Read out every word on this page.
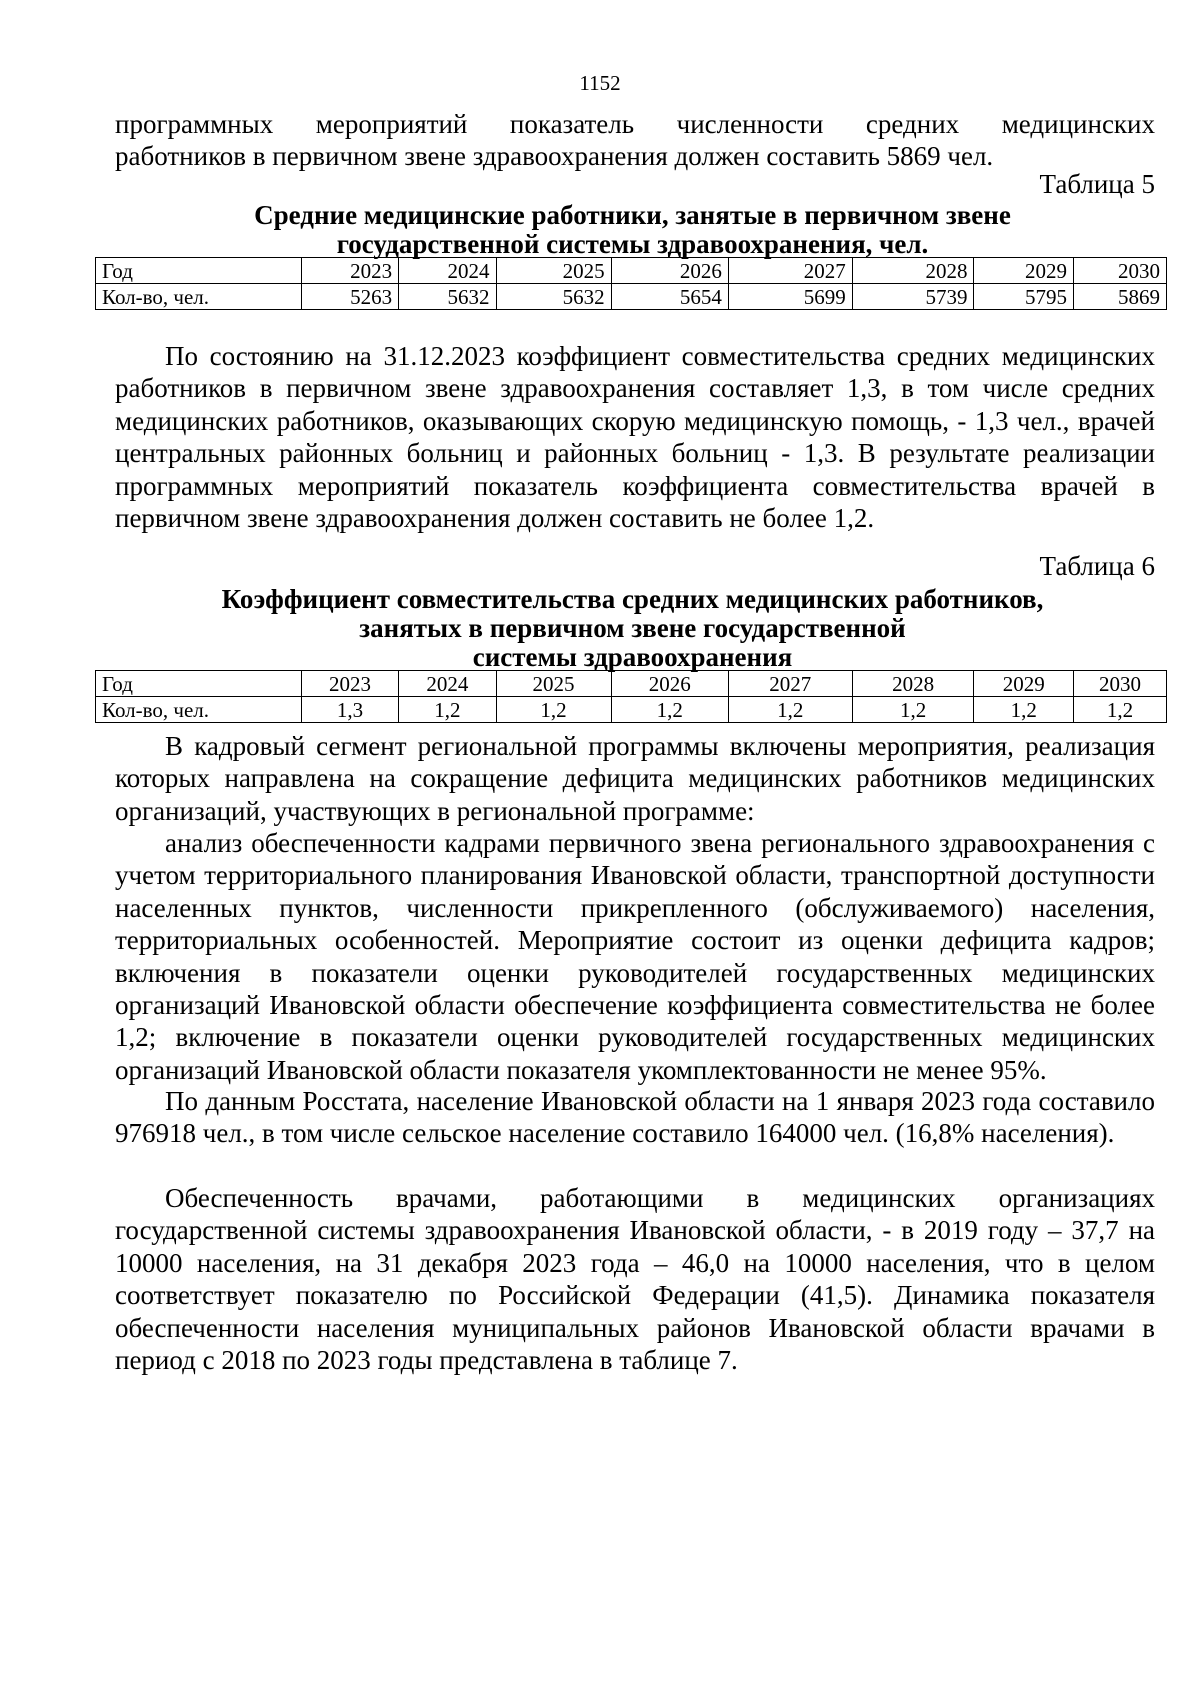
1152

программных мероприятий показатель численности средних медицинских

работников в первичном звене здравоохранения должен составить 5869 чел.

Таблица 5

Средние медицинские работники, занятые в первичном звене

государственной системы здравоохранения, чел.

Год	2023	2024	2025	2026	2027	2028	2029	2030
Кол-во, чел.	5263	5632	5632	5654	5699	5739	5795	5869

По состоянию на 31.12.2023 коэффициент совместительства средних медицинских работников в первичном звене здравоохранения составляет 1,3, в том числе средних медицинских работников, оказывающих скорую медицинскую помощь, - 1,3 чел., врачей центральных районных больниц и районных больниц - 1,3. В результате реализации программных мероприятий показатель коэффициента совместительства врачей в первичном звене здравоохранения должен составить не более 1,2.

Таблица 6

Коэффициент совместительства средних медицинских работников,

занятых в первичном звене государственной

системы здравоохранения

Год	2023	2024	2025	2026	2027	2028	2029	2030
Кол-во, чел.	1,3	1,2	1,2	1,2	1,2	1,2	1,2	1,2

В кадровый сегмент региональной программы включены мероприятия, реализация которых направлена на сокращение дефицита медицинских работников медицинских организаций, участвующих в региональной программе:

анализ обеспеченности кадрами первичного звена регионального здравоохранения с учетом территориального планирования Ивановской области, транспортной доступности населенных пунктов, численности прикрепленного (обслуживаемого) населения, территориальных особенностей. Мероприятие состоит из оценки дефицита кадров; включения в показатели оценки руководителей государственных медицинских организаций Ивановской области обеспечение коэффициента совместительства не более 1,2; включение в показатели оценки руководителей государственных медицинских организаций Ивановской области показателя укомплектованности не менее 95%.

По данным Росстата, население Ивановской области на 1 января 2023 года составило 976918 чел., в том числе сельское население составило 164000 чел. (16,8% населения).

Обеспеченность врачами, работающими в медицинских организациях государственной системы здравоохранения Ивановской области, - в 2019 году – 37,7 на 10000 населения, на 31 декабря 2023 года – 46,0 на 10000 населения, что в целом соответствует показателю по Российской Федерации (41,5). Динамика показателя обеспеченности населения муниципальных районов Ивановской области врачами в период с 2018 по 2023 годы представлена в таблице 7.
